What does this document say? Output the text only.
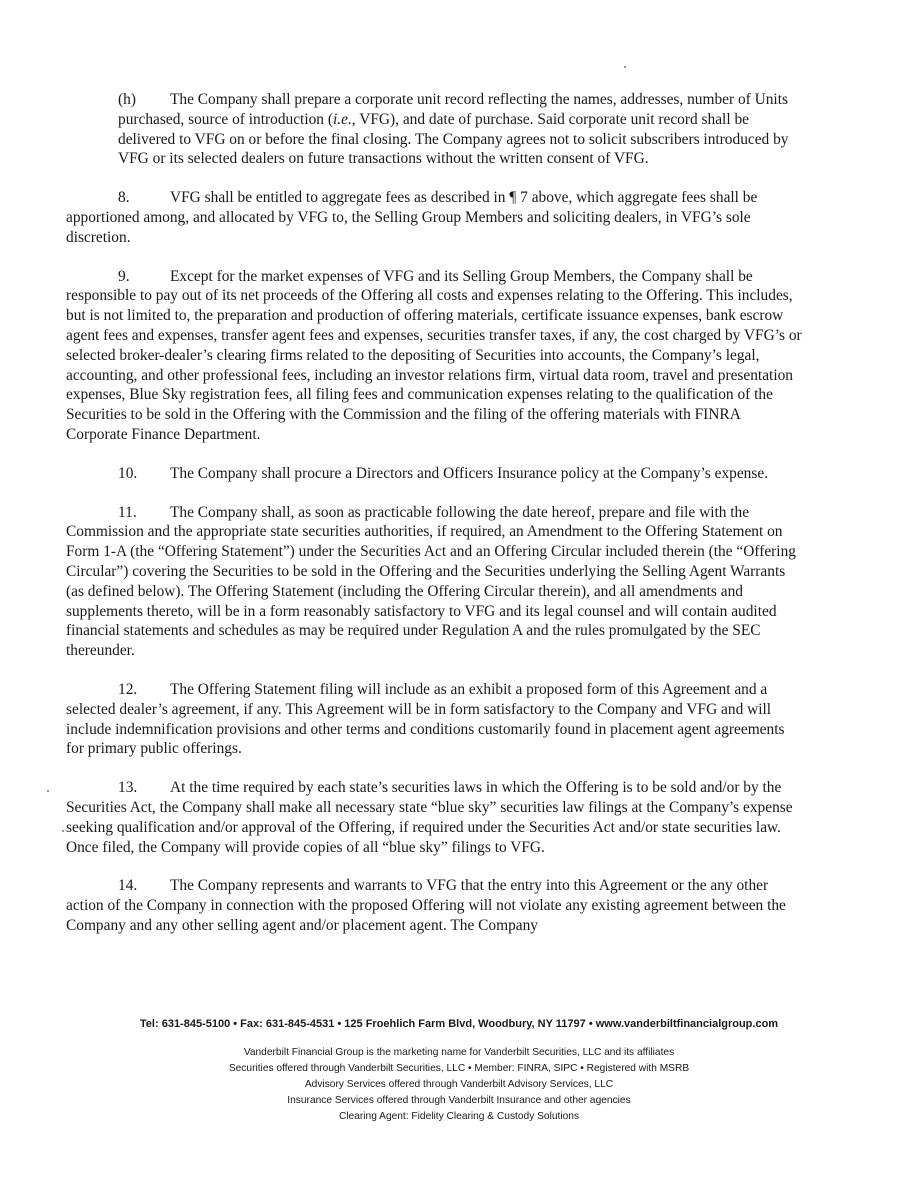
(h) The Company shall prepare a corporate unit record reflecting the names, addresses, number of Units purchased, source of introduction (i.e., VFG), and date of purchase. Said corporate unit record shall be delivered to VFG on or before the final closing. The Company agrees not to solicit subscribers introduced by VFG or its selected dealers on future transactions without the written consent of VFG.

8.	VFG shall be entitled to aggregate fees as described in ¶ 7 above, which aggregate fees shall be apportioned among, and allocated by VFG to, the Selling Group Members and soliciting dealers, in VFG’s sole discretion.

9.	Except for the market expenses of VFG and its Selling Group Members, the Company shall be responsible to pay out of its net proceeds of the Offering all costs and expenses relating to the Offering. This includes, but is not limited to, the preparation and production of offering materials, certificate issuance expenses, bank escrow agent fees and expenses, transfer agent fees and expenses, securities transfer taxes, if any, the cost charged by VFG’s or selected broker-dealer’s clearing firms related to the depositing of Securities into accounts, the Company’s legal, accounting, and other professional fees, including an investor relations firm, virtual data room, travel and presentation expenses, Blue Sky registration fees, all filing fees and communication expenses relating to the qualification of the Securities to be sold in the Offering with the Commission and the filing of the offering materials with FINRA Corporate Finance Department.

10. The Company shall procure a Directors and Officers Insurance policy at the Company’s expense.

11. The Company shall, as soon as practicable following the date hereof, prepare and file with the Commission and the appropriate state securities authorities, if required, an Amendment to the Offering Statement on Form 1-A (the “Offering Statement”) under the Securities Act and an Offering Circular included therein (the “Offering Circular”) covering the Securities to be sold in the Offering and the Securities underlying the Selling Agent Warrants (as defined below). The Offering Statement (including the Offering Circular therein), and all amendments and supplements thereto, will be in a form reasonably satisfactory to VFG and its legal counsel and will contain audited financial statements and schedules as may be required under Regulation A and the rules promulgated by the SEC thereunder.

12. The Offering Statement filing will include as an exhibit a proposed form of this Agreement and a selected dealer’s agreement, if any. This Agreement will be in form satisfactory to the Company and VFG and will include indemnification provisions and other terms and conditions customarily found in placement agent agreements for primary public offerings.

13. At the time required by each state’s securities laws in which the Offering is to be sold and/or by the Securities Act, the Company shall make all necessary state “blue sky” securities law filings at the Company’s expense seeking qualification and/or approval of the Offering, if required under the Securities Act and/or state securities law. Once filed, the Company will provide copies of all “blue sky” filings to VFG.

14. The Company represents and warrants to VFG that the entry into this Agreement or the any other action of the Company in connection with the proposed Offering will not violate any existing agreement between the Company and any other selling agent and/or placement agent. The Company

Tel: 631-845-5100 • Fax: 631-845-4531 • 125 Froehlich Farm Blvd, Woodbury, NY 11797 • www.vanderbiltfinancialgroup.com
Vanderbilt Financial Group is the marketing name for Vanderbilt Securities, LLC and its affiliates
Securities offered through Vanderbilt Securities, LLC • Member: FINRA, SIPC • Registered with MSRB
Advisory Services offered through Vanderbilt Advisory Services, LLC
Insurance Services offered through Vanderbilt Insurance and other agencies
Clearing Agent: Fidelity Clearing & Custody Solutions
